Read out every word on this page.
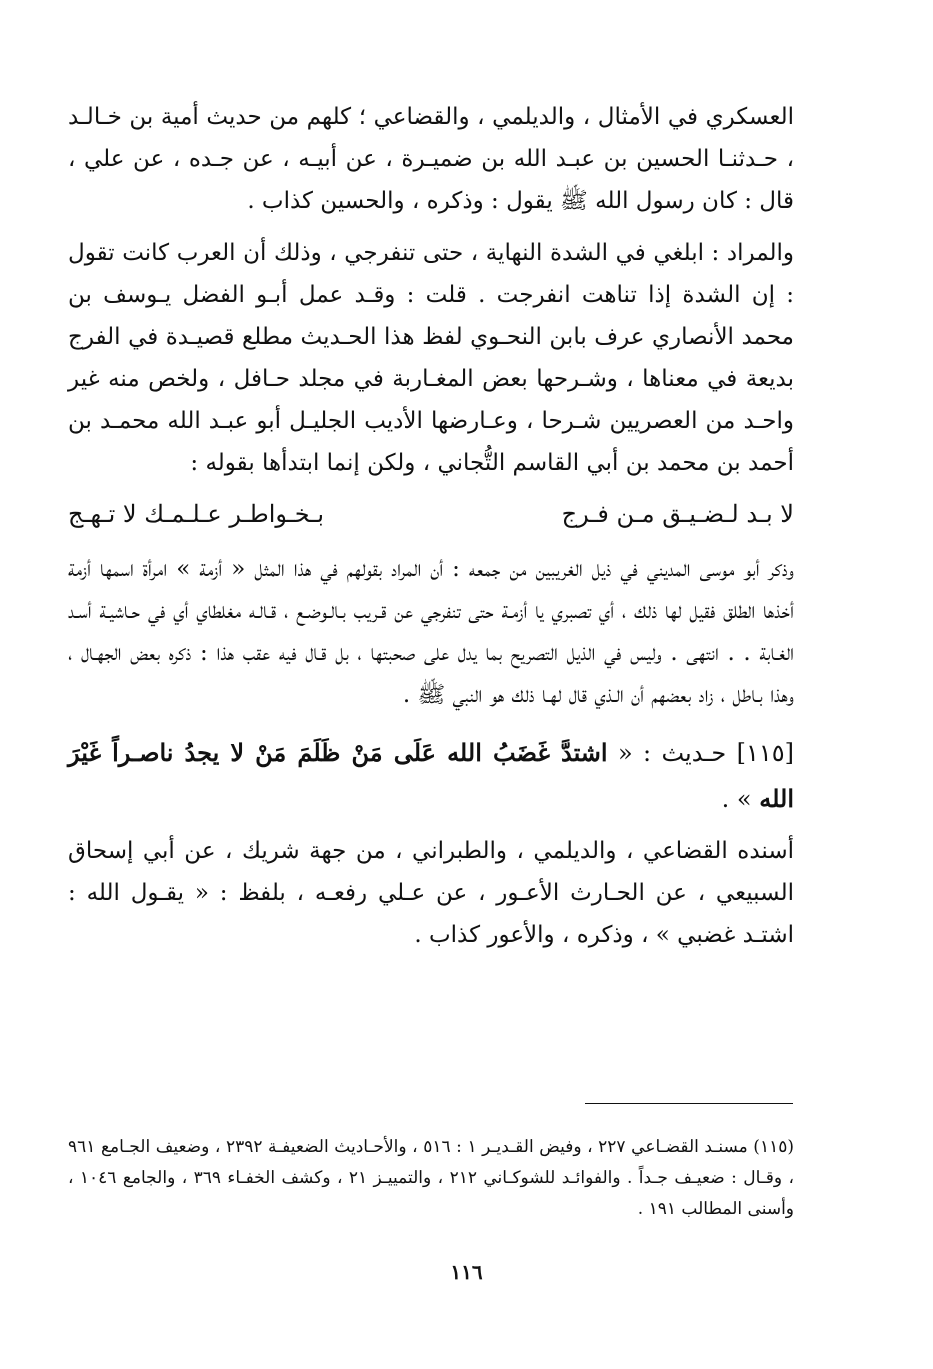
العسكري في الأمثال ، والديلمي ، والقضاعي ؛ كلهم من حديث أمية بن خـالـد ، حـدثنـا الحسين بن عبـد الله بن ضميـرة ، عن أبيـه ، عن جـده ، عن علي ، قال : كان رسول الله ﷺ يقول : وذكره ، والحسين كذاب .

والمراد : ابلغي في الشدة النهاية ، حتى تنفرجي ، وذلك أن العرب كانت تقول : إن الشدة إذا تناهت انفرجت . قلت : وقـد عمل أبـو الفضل يـوسف بن محمد الأنصاري عرف بابن النحـوي لفظ هذا الحـديث مطلع قصيـدة في الفرج بديعة في معناها ، وشـرحها بعض المغـاربة في مجلد حـافل ، ولخص منه غير واحـد من العصريين شـرحا ، وعـارضها الأديب الجليـل أبو عبـد الله محمـد بن أحمد بن محمد بن أبي القاسم التُّجاني ، ولكن إنما ابتدأها بقوله :

لا بـد لـضـيـق مـن فـرج
بـخـواطـر عـلـمـك لا تـهـج

وذكر أبو موسى المديني في ذيل الغريبين من جمعه : أن المراد بقولهم في هذا المثل « أزمة » امرأة اسمها أزمة أخذها الطلق فقيل لها ذلك ، أي تصبري يا أزمـة حتى تنفرجي عن قـريب بـالـوضـع ، قـالـه مغلطاي أي في حـاشيـة أسـد الغـابة . . انتهى . وليس في الذيل التصريح بما يدل على صحبتها ، بل قـال فيه عقب هذا : ذكره بعض الجهـال ، وهذا بـاطل ، زاد بعضهم أن الـذي قال لهـا ذلك هو النبي ﷺ .

[١١٥] حـديث : « اشتدَّ غَضَبُ الله عَلَى مَنْ ظَلَمَ مَنْ لا يجدُ ناصـراً غَيْرَ الله » .

أسنده القضاعي ، والديلمي ، والطبراني ، من جهة شريك ، عن أبي إسحاق السبيعي ، عن الحـارث الأعـور ، عن عـلي رفعـه ، بلفظ : « يقـول الله : اشتـد غضبي » ، وذكره ، والأعور كذاب .

(١١٥) مسنـد القضـاعي ٢٢٧ ، وفيض القـديـر ١ : ٥١٦ ، والأحـاديث الضعيفـة ٢٣٩٢ ، وضعيف الجـامع ٩٦١ ، وقـال : ضعيـف جـداً . والفوائـد للشوكـاني ٢١٢ ، والتمييـز ٢١ ، وكشف الخفـاء ٣٦٩ ، والجامع ١٠٤٦ ، وأسنى المطالب ١٩١ .
١١٦
